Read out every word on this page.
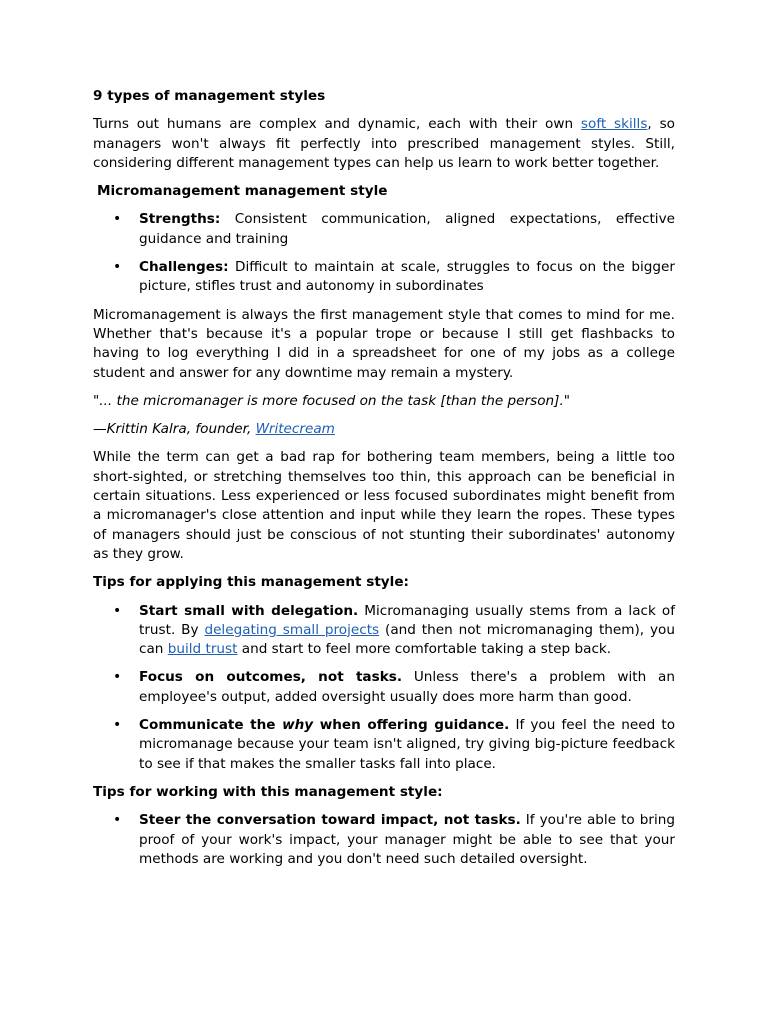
9 types of management styles

Turns out humans are complex and dynamic, each with their own soft skills, so managers won't always fit perfectly into prescribed management styles. Still, considering different management types can help us learn to work better together.

Micromanagement management style

• Strengths: Consistent communication, aligned expectations, effective guidance and training
• Challenges: Difficult to maintain at scale, struggles to focus on the bigger picture, stifles trust and autonomy in subordinates

Micromanagement is always the first management style that comes to mind for me. Whether that's because it's a popular trope or because I still get flashbacks to having to log everything I did in a spreadsheet for one of my jobs as a college student and answer for any downtime may remain a mystery.

"... the micromanager is more focused on the task [than the person]."

—Krittin Kalra, founder, Writecream

While the term can get a bad rap for bothering team members, being a little too short-sighted, or stretching themselves too thin, this approach can be beneficial in certain situations. Less experienced or less focused subordinates might benefit from a micromanager's close attention and input while they learn the ropes. These types of managers should just be conscious of not stunting their subordinates' autonomy as they grow.

Tips for applying this management style:

• Start small with delegation. Micromanaging usually stems from a lack of trust. By delegating small projects (and then not micromanaging them), you can build trust and start to feel more comfortable taking a step back.
• Focus on outcomes, not tasks. Unless there's a problem with an employee's output, added oversight usually does more harm than good.
• Communicate the why when offering guidance. If you feel the need to micromanage because your team isn't aligned, try giving big-picture feedback to see if that makes the smaller tasks fall into place.

Tips for working with this management style:

• Steer the conversation toward impact, not tasks. If you're able to bring proof of your work's impact, your manager might be able to see that your methods are working and you don't need such detailed oversight.
